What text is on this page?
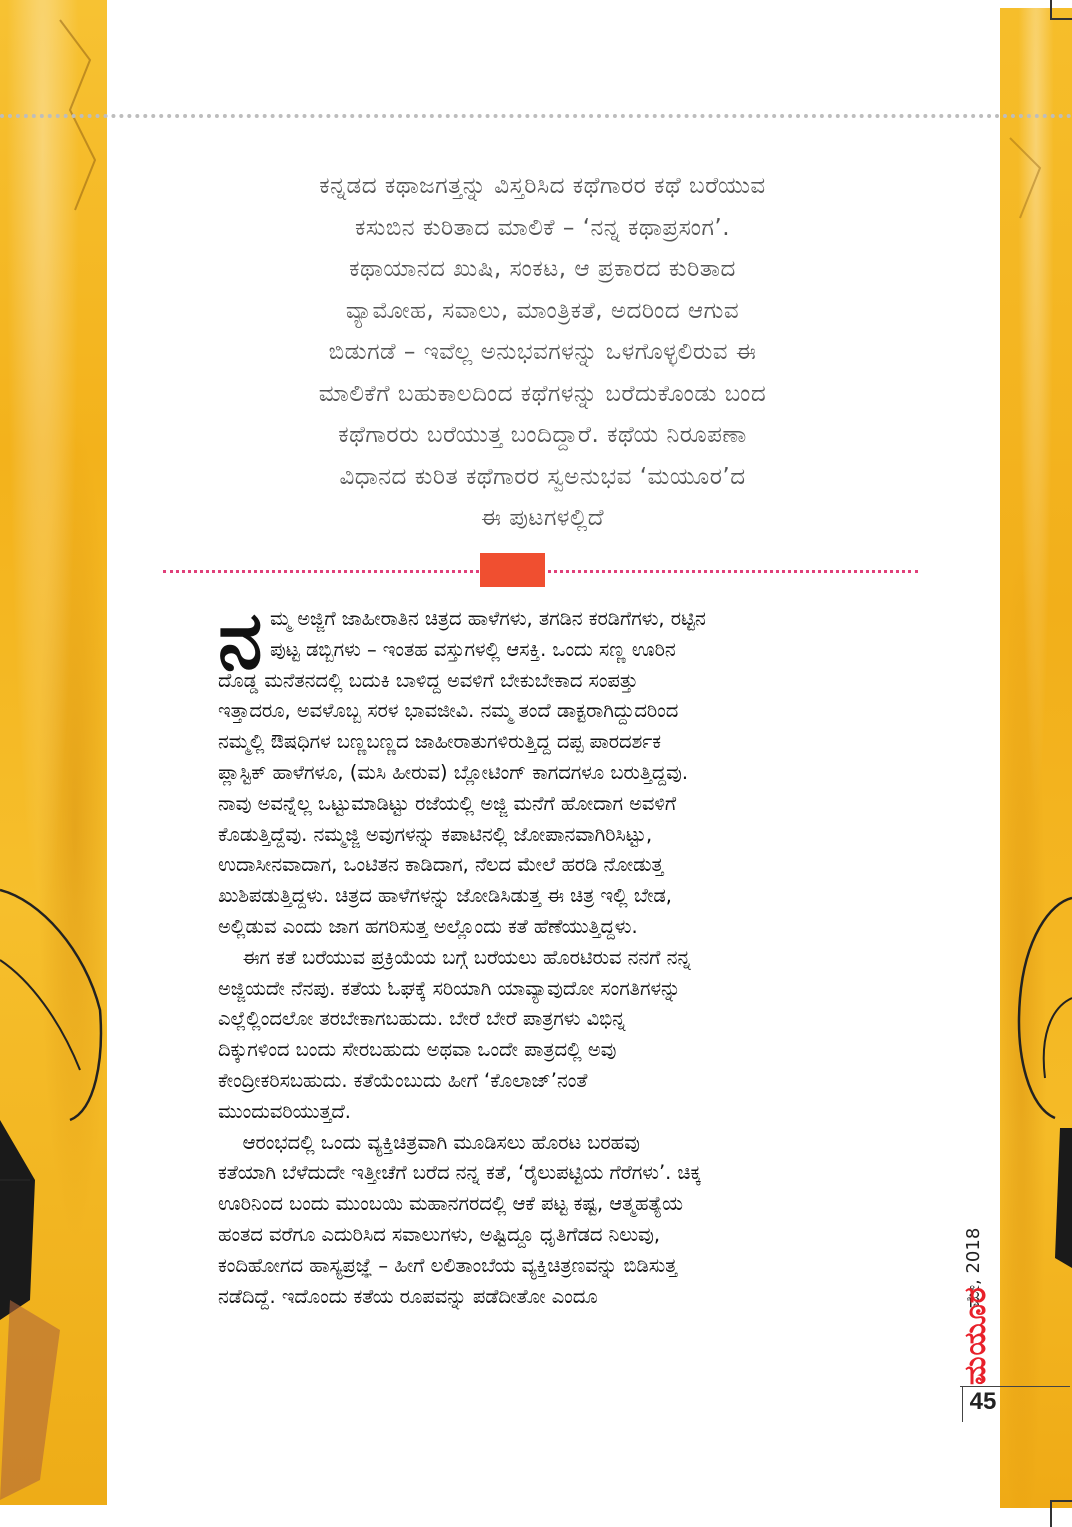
ಕನ್ನಡದ ಕಥಾಜಗತ್ತನ್ನು ವಿಸ್ತರಿಸಿದ ಕಥೆಗಾರರ ಕಥೆ ಬರೆಯುವ
ಕಸುಬಿನ ಕುರಿತಾದ ಮಾಲಿಕೆ – ‘ನನ್ನ ಕಥಾಪ್ರಸಂಗ’.
ಕಥಾಯಾನದ ಖುಷಿ, ಸಂಕಟ, ಆ ಪ್ರಕಾರದ ಕುರಿತಾದ
ವ್ಯಾಮೋಹ, ಸವಾಲು, ಮಾಂತ್ರಿಕತೆ, ಅದರಿಂದ ಆಗುವ
ಬಿಡುಗಡೆ – ಇವೆಲ್ಲ ಅನುಭವಗಳನ್ನು ಒಳಗೊಳ್ಳಲಿರುವ ಈ
ಮಾಲಿಕೆಗೆ ಬಹುಕಾಲದಿಂದ ಕಥೆಗಳನ್ನು ಬರೆದುಕೊಂಡು ಬಂದ
ಕಥೆಗಾರರು ಬರೆಯುತ್ತ ಬಂದಿದ್ದಾರೆ. ಕಥೆಯ ನಿರೂಪಣಾ
ವಿಧಾನದ ಕುರಿತ ಕಥೆಗಾರರ ಸ್ವಅನುಭವ ‘ಮಯೂರ’ದ
ಈ ಪುಟಗಳಲ್ಲಿದೆ
ನ ಮ್ಮ ಅಜ್ಜಿಗೆ ಜಾಹೀರಾತಿನ ಚಿತ್ರದ ಹಾಳೆಗಳು, ತಗಡಿನ ಕರಡಿಗೆಗಳು, ರಟ್ಟಿನ
ಪುಟ್ಟ ಡಬ್ಬಿಗಳು – ಇಂತಹ ವಸ್ತುಗಳಲ್ಲಿ ಆಸಕ್ತಿ. ಒಂದು ಸಣ್ಣ ಊರಿನ
ದೊಡ್ಡ ಮನೆತನದಲ್ಲಿ ಬದುಕಿ ಬಾಳಿದ್ದ ಅವಳಿಗೆ ಬೇಕುಬೇಕಾದ ಸಂಪತ್ತು
ಇತ್ತಾದರೂ, ಅವಳೊಬ್ಬ ಸರಳ ಭಾವಜೀವಿ. ನಮ್ಮ ತಂದೆ ಡಾಕ್ಟರಾಗಿದ್ದುದರಿಂದ
ನಮ್ಮಲ್ಲಿ ಔಷಧಿಗಳ ಬಣ್ಣಬಣ್ಣದ ಜಾಹೀರಾತುಗಳಿರುತ್ತಿದ್ದ ದಪ್ಪ ಪಾರದರ್ಶಕ
ಪ್ಲಾಸ್ಟಿಕ್ ಹಾಳೆಗಳೂ, (ಮಸಿ ಹೀರುವ) ಬ್ಲೋಟಿಂಗ್ ಕಾಗದಗಳೂ ಬರುತ್ತಿದ್ದವು.
ನಾವು ಅವನ್ನೆಲ್ಲ ಒಟ್ಟುಮಾಡಿಟ್ಟು ರಜೆಯಲ್ಲಿ ಅಜ್ಜಿ ಮನೆಗೆ ಹೋದಾಗ ಅವಳಿಗೆ
ಕೊಡುತ್ತಿದ್ದೆವು. ನಮ್ಮಜ್ಜಿ ಅವುಗಳನ್ನು ಕಪಾಟಿನಲ್ಲಿ ಜೋಪಾನವಾಗಿರಿಸಿಟ್ಟು,
ಉದಾಸೀನವಾದಾಗ, ಒಂಟಿತನ ಕಾಡಿದಾಗ, ನೆಲದ ಮೇಲೆ ಹರಡಿ ನೋಡುತ್ತ
ಖುಶಿಪಡುತ್ತಿದ್ದಳು. ಚಿತ್ರದ ಹಾಳೆಗಳನ್ನು ಜೋಡಿಸಿಡುತ್ತ ಈ ಚಿತ್ರ ಇಲ್ಲಿ ಬೇಡ,
ಅಲ್ಲಿಡುವ ಎಂದು ಜಾಗ ಹಗರಿಸುತ್ತ ಅಲ್ಲೊಂದು ಕತೆ ಹೆಣೆಯುತ್ತಿದ್ದಳು.
ಈಗ ಕತೆ ಬರೆಯುವ ಪ್ರಕ್ರಿಯೆಯ ಬಗ್ಗೆ ಬರೆಯಲು ಹೊರಟಿರುವ ನನಗೆ ನನ್ನ
ಅಜ್ಜಿಯದೇ ನೆನಪು. ಕತೆಯ ಓಘಕ್ಕೆ ಸರಿಯಾಗಿ ಯಾವ್ಯಾವುದೋ ಸಂಗತಿಗಳನ್ನು
ಎಲ್ಲೆಲ್ಲಿಂದಲೋ ತರಬೇಕಾಗಬಹುದು. ಬೇರೆ ಬೇರೆ ಪಾತ್ರಗಳು ವಿಭಿನ್ನ
ದಿಕ್ಕುಗಳಿಂದ ಬಂದು ಸೇರಬಹುದು ಅಥವಾ ಒಂದೇ ಪಾತ್ರದಲ್ಲಿ ಅವು
ಕೇಂದ್ರೀಕರಿಸಬಹುದು. ಕತೆಯೆಂಬುದು ಹೀಗೆ ‘ಕೊಲಾಜ್’ನಂತೆ
ಮುಂದುವರಿಯುತ್ತದೆ.
ಆರಂಭದಲ್ಲಿ ಒಂದು ವ್ಯಕ್ತಿಚಿತ್ರವಾಗಿ ಮೂಡಿಸಲು ಹೊರಟ ಬರಹವು
ಕತೆಯಾಗಿ ಬೆಳೆದುದೇ ಇತ್ತೀಚೆಗೆ ಬರೆದ ನನ್ನ ಕತೆ, ‘ರೈಲುಪಟ್ಟಿಯ ಗೆರೆಗಳು’. ಚಿಕ್ಕ
ಊರಿನಿಂದ ಬಂದು ಮುಂಬಯಿ ಮಹಾನಗರದಲ್ಲಿ ಆಕೆ ಪಟ್ಟ ಕಷ್ಟ, ಆತ್ಮಹತ್ಯೆಯ
ಹಂತದ ವರೆಗೂ ಎದುರಿಸಿದ ಸವಾಲುಗಳು, ಅಷ್ಟಿದ್ದೂ ಧೃತಿಗೆಡದ ನಿಲುವು,
ಕಂದಿಹೋಗದ ಹಾಸ್ಯಪ್ರಜ್ಞೆ – ಹೀಗೆ ಲಲಿತಾಂಬೆಯ ವ್ಯಕ್ತಿಚಿತ್ರಣವನ್ನು ಬಿಡಿಸುತ್ತ
ನಡೆದಿದ್ದೆ. ಇದೊಂದು ಕತೆಯ ರೂಪವನ್ನು ಪಡೆದೀತೋ ಎಂದೂ	ಮೇ, 2018
ಮಯೂರ
45
